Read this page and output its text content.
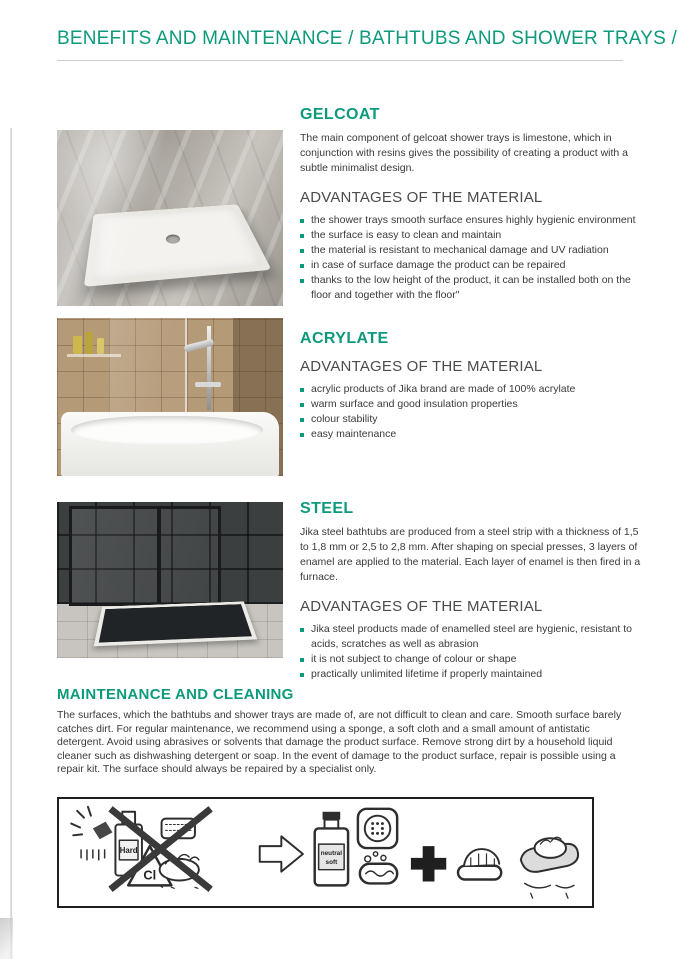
BENEFITS AND MAINTENANCE / BATHTUBS AND SHOWER TRAYS /
GELCOAT

The main component of gelcoat shower trays is limestone, which in conjunction with resins gives the possibility of creating a product with a subtle minimalist design.

ADVANTAGES OF THE MATERIAL
the shower trays smooth surface ensures highly hygienic environment
the surface is easy to clean and maintain
the material is resistant to mechanical damage and UV radiation
in case of surface damage the product can be repaired
thanks to the low height of the product, it can be installed both on the floor and together with the floor"
ACRYLATE
ADVANTAGES OF THE MATERIAL
acrylic products of Jika brand are made of 100% acrylate
warm surface and good insulation properties
colour stability
easy maintenance
STEEL

Jika steel bathtubs are produced from a steel strip with a thickness of 1,5 to 1,8 mm or 2,5 to 2,8 mm. After shaping on special presses, 3 layers of enamel are applied to the material. Each layer of enamel is then fired in a furnace.

ADVANTAGES OF THE MATERIAL
Jika steel products made of enamelled steel are hygienic, resistant to acids, scratches as well as abrasion
it is not subject to change of colour or shape
practically unlimited lifetime if properly maintained
MAINTENANCE AND CLEANING

The surfaces, which the bathtubs and shower trays are made of, are not difficult to clean and care. Smooth surface barely catches dirt. For regular maintenance, we recommend using a sponge, a soft cloth and a small amount of antistatic detergent. Avoid using abrasives or solvents that damage the product surface. Remove strong dirt by a household liquid cleaner such as dishwashing detergent or soap. In the event of damage to the product surface, repair is possible using a repair kit. The surface should always be repaired by a specialist only.

Hard
Cl
neutral
soft
